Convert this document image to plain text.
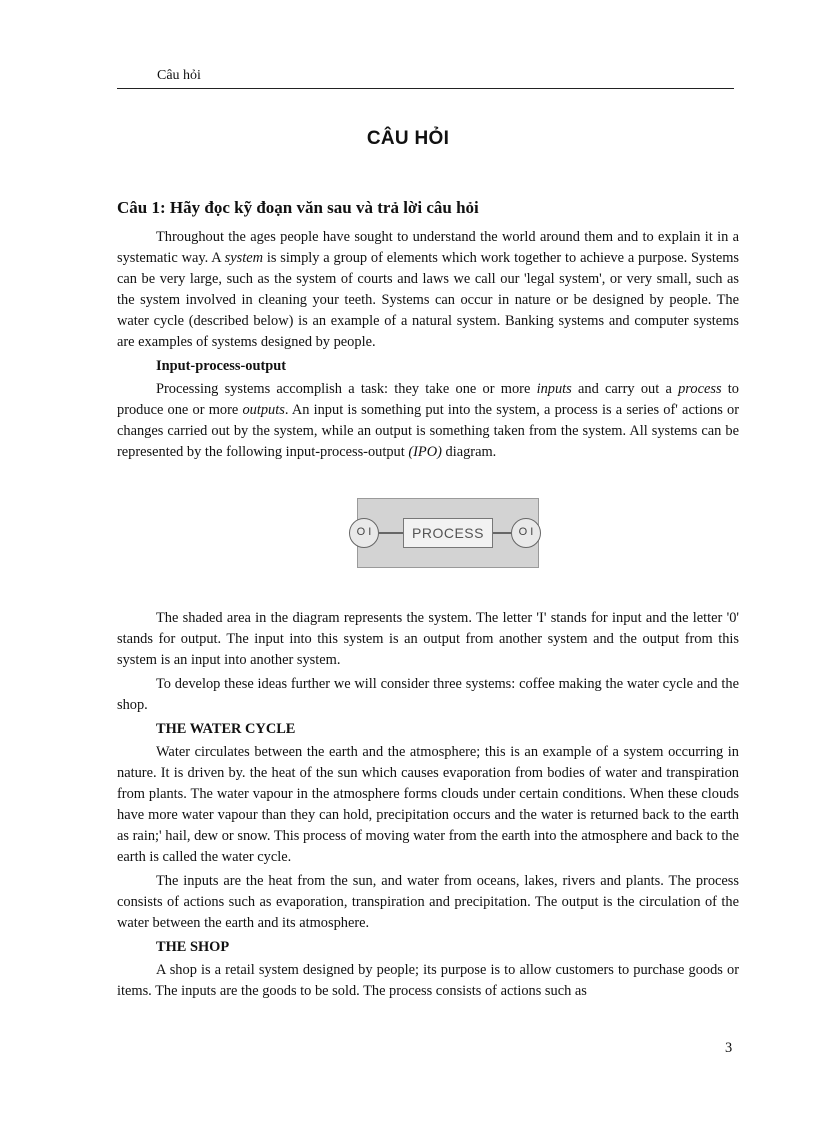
Câu hỏi
CÂU HỎI
Câu 1: Hãy đọc kỹ đoạn văn sau và trả lời câu hỏi

Throughout the ages people have sought to understand the world around them and to explain it in a systematic way. A system is simply a group of elements which work together to achieve a purpose. Systems can be very large, such as the system of courts and laws we call our 'legal system', or very small, such as the system involved in cleaning your teeth. Systems can occur in nature or be designed by people. The water cycle (described below) is an example of a natural system. Banking systems and computer systems are examples of systems designed by people.

Input-process-output

Processing systems accomplish a task: they take one or more inputs and carry out a process to produce one or more outputs. An input is something put into the system, a process is a series of' actions or changes carried out by the system, while an output is something taken from the system. All systems can be represented by the following input-process-output (IPO) diagram.

O I	PROCESS	O I

The shaded area in the diagram represents the system. The letter 'I' stands for input and the letter '0' stands for output. The input into this system is an output from another system and the output from this system is an input into another system.

To develop these ideas further we will consider three systems: coffee making the water cycle and the shop.

THE WATER CYCLE

Water circulates between the earth and the atmosphere; this is an example of a system occurring in nature. It is driven by. the heat of the sun which causes evaporation from bodies of water and transpiration from plants. The water vapour in the atmosphere forms clouds under certain conditions. When these clouds have more water vapour than they can hold, precipitation occurs and the water is returned back to the earth as rain;' hail, dew or snow. This process of moving water from the earth into the atmosphere and back to the earth is called the water cycle.

The inputs are the heat from the sun, and water from oceans, lakes, rivers and plants. The process consists of actions such as evaporation, transpiration and precipitation. The output is the circulation of the water between the earth and its atmosphere.

THE SHOP

A shop is a retail system designed by people; its purpose is to allow customers to purchase goods or items. The inputs are the goods to be sold. The process consists of actions such as

3
